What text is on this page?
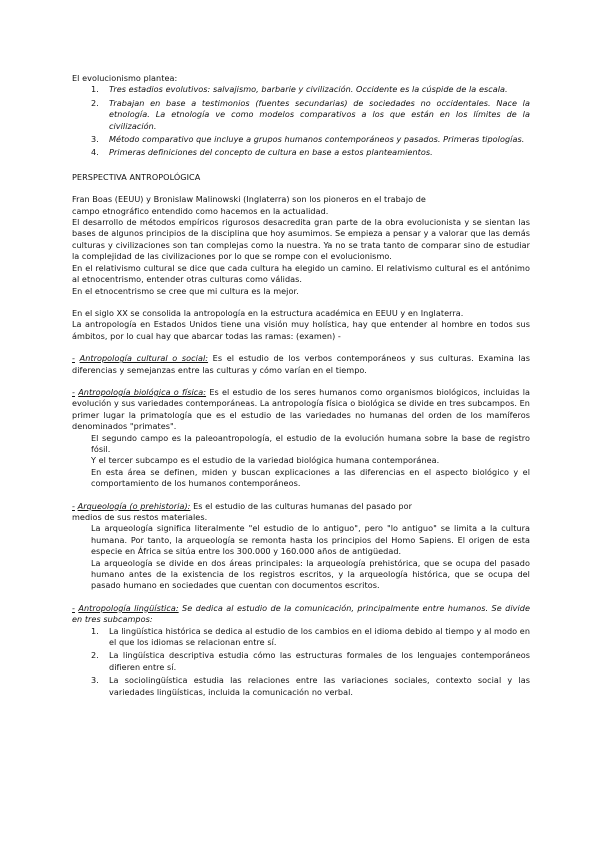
El evolucionismo plantea:

1. Tres estadios evolutivos: salvajismo, barbarie y civilización. Occidente es la cúspide de la escala.
2. Trabajan en base a testimonios (fuentes secundarias) de sociedades no occidentales. Nace la etnología. La etnología ve como modelos comparativos a los que están en los límites de la civilización.
3. Método comparativo que incluye a grupos humanos contemporáneos y pasados. Primeras tipologías.
4. Primeras definiciones del concepto de cultura en base a estos planteamientos.

PERSPECTIVA ANTROPOLÓGICA

Fran Boas (EEUU) y Bronislaw Malinowski (Inglaterra) son los pioneros en el trabajo de

campo etnográfico entendido como hacemos en la actualidad.

El desarrollo de métodos empíricos rigurosos desacredita gran parte de la obra evolucionista y se sientan las bases de algunos principios de la disciplina que hoy asumimos. Se empieza a pensar y a valorar que las demás culturas y civilizaciones son tan complejas como la nuestra. Ya no se trata tanto de comparar sino de estudiar la complejidad de las civilizaciones por lo que se rompe con el evolucionismo.

En el relativismo cultural se dice que cada cultura ha elegido un camino. El relativismo cultural es el antónimo al etnocentrismo, entender otras culturas como válidas.

En el etnocentrismo se cree que mi cultura es la mejor.

En el siglo XX se consolida la antropología en la estructura académica en EEUU y en Inglaterra.

La antropología en Estados Unidos tiene una visión muy holística, hay que entender al hombre en todos sus ámbitos, por lo cual hay que abarcar todas las ramas: (examen) -

- Antropología cultural o social: Es el estudio de los verbos contemporáneos y sus culturas. Examina las diferencias y semejanzas entre las culturas y cómo varían en el tiempo.

- Antropología biológica o física: Es el estudio de los seres humanos como organismos biológicos, incluidas la evolución y sus variedades contemporáneas. La antropología física o biológica se divide en tres subcampos. En primer lugar la primatología que es el estudio de las variedades no humanas del orden de los mamíferos denominados "primates".

El segundo campo es la paleoantropología, el estudio de la evolución humana sobre la base de registro fósil.

Y el tercer subcampo es el estudio de la variedad biológica humana contemporánea.

En esta área se definen, miden y buscan explicaciones a las diferencias en el aspecto biológico y el comportamiento de los humanos contemporáneos.

- Arqueología (o prehistoria): Es el estudio de las culturas humanas del pasado por

medios de sus restos materiales.

La arqueología significa literalmente "el estudio de lo antiguo", pero "lo antiguo" se limita a la cultura humana. Por tanto, la arqueología se remonta hasta los principios del Homo Sapiens. El origen de esta especie en África se sitúa entre los 300.000 y 160.000 años de antigüedad.

La arqueología se divide en dos áreas principales: la arqueología prehistórica, que se ocupa del pasado humano antes de la existencia de los registros escritos, y la arqueología histórica, que se ocupa del pasado humano en sociedades que cuentan con documentos escritos.

- Antropología lingüística: Se dedica al estudio de la comunicación, principalmente entre humanos. Se divide en tres subcampos:

1. La lingüística histórica se dedica al estudio de los cambios en el idioma debido al tiempo y al modo en el que los idiomas se relacionan entre sí.
2. La lingüística descriptiva estudia cómo las estructuras formales de los lenguajes contemporáneos difieren entre sí.
3. La sociolingüística estudia las relaciones entre las variaciones sociales, contexto social y las variedades lingüísticas, incluida la comunicación no verbal.
